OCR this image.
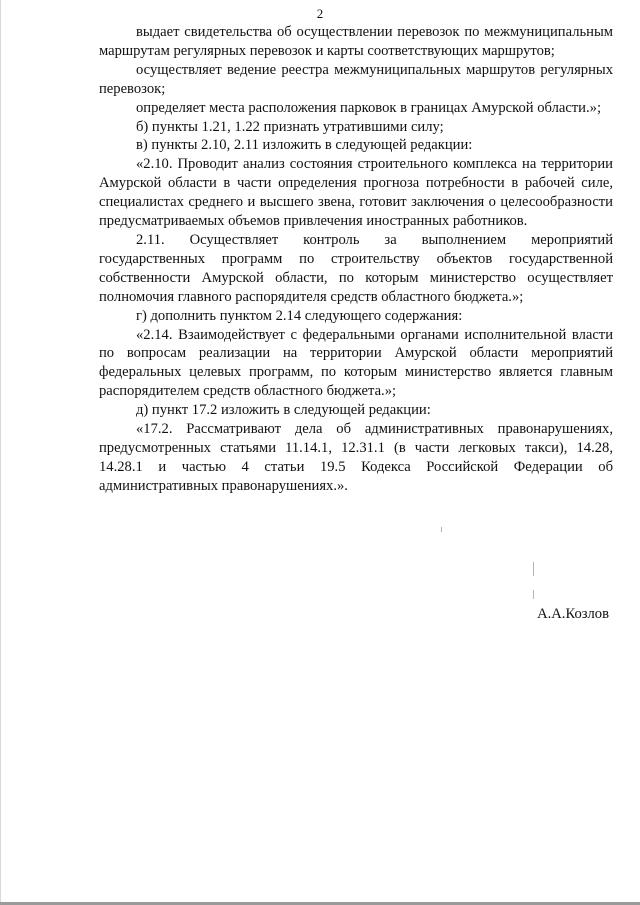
2

выдает свидетельства об осуществлении перевозок по межмуниципальным маршрутам регулярных перевозок и карты соответствующих маршрутов;

осуществляет ведение реестра межмуниципальных маршрутов регулярных перевозок;

определяет места расположения парковок в границах Амурской области.»;

б) пункты 1.21, 1.22 признать утратившими силу;

в) пункты 2.10, 2.11 изложить в следующей редакции:

«2.10. Проводит анализ состояния строительного комплекса на территории Амурской области в части определения прогноза потребности в рабочей силе, специалистах среднего и высшего звена, готовит заключения о целесообразности предусматриваемых объемов привлечения иностранных работников.

2.11. Осуществляет контроль за выполнением мероприятий государственных программ по строительству объектов государственной собственности Амурской области, по которым министерство осуществляет полномочия главного распорядителя средств областного бюджета.»;

г) дополнить пунктом 2.14 следующего содержания:

«2.14. Взаимодействует с федеральными органами исполнительной власти по вопросам реализации на территории Амурской области мероприятий федеральных целевых программ, по которым министерство является главным распорядителем средств областного бюджета.»;

д) пункт 17.2 изложить в следующей редакции:

«17.2. Рассматривают дела об административных правонарушениях, предусмотренных статьями 11.14.1, 12.31.1 (в части легковых такси), 14.28, 14.28.1 и частью 4 статьи 19.5 Кодекса Российской Федерации об административных правонарушениях.».

А.А.Козлов
